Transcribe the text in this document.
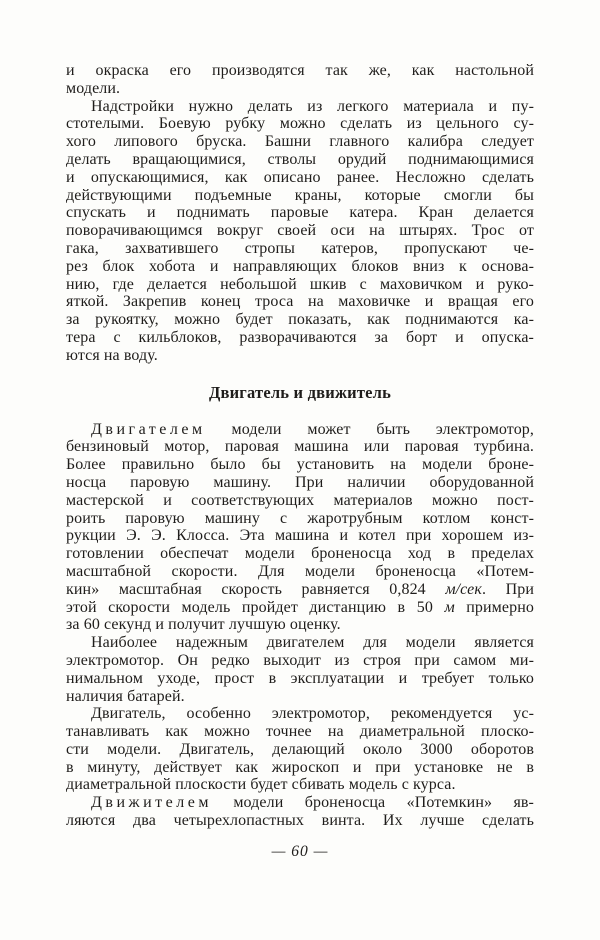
и окраска его производятся так же, как настольной
модели.
Надстройки нужно делать из легкого материала и пу-
стотелыми. Боевую рубку можно сделать из цельного су-
хого липового бруска. Башни главного калибра следует
делать вращающимися, стволы орудий поднимающимися
и опускающимися, как описано ранее. Несложно сделать
действующими подъемные краны, которые смогли бы
спускать и поднимать паровые катера. Кран делается
поворачивающимся вокруг своей оси на штырях. Трос от
гака, захватившего стропы катеров, пропускают че-
рез блок хобота и направляющих блоков вниз к основа-
нию, где делается небольшой шкив с маховичком и руко-
яткой. Закрепив конец троса на маховичке и вращая его
за рукоятку, можно будет показать, как поднимаются ка-
тера с кильблоков, разворачиваются за борт и опуска-
ются на воду.
Двигатель и движитель
Двигателем модели может быть электромотор,
бензиновый мотор, паровая машина или паровая турбина.
Более правильно было бы установить на модели броне-
носца паровую машину. При наличии оборудованной
мастерской и соответствующих материалов можно пост-
роить паровую машину с жаротрубным котлом конст-
рукции Э. Э. Клосса. Эта машина и котел при хорошем из-
готовлении обеспечат модели броненосца ход в пределах
масштабной скорости. Для модели броненосца «Потем-
кин» масштабная скорость равняется 0,824 м/сек. При
этой скорости модель пройдет дистанцию в 50 м примерно
за 60 секунд и получит лучшую оценку.
Наиболее надежным двигателем для модели является
электромотор. Он редко выходит из строя при самом ми-
нимальном уходе, прост в эксплуатации и требует только
наличия батарей.
Двигатель, особенно электромотор, рекомендуется ус-
танавливать как можно точнее на диаметральной плоско-
сти модели. Двигатель, делающий около 3000 оборотов
в минуту, действует как жироскоп и при установке не в
диаметральной плоскости будет сбивать модель с курса.
Движителем модели броненосца «Потемкин» яв-
ляются два четырехлопастных винта. Их лучше сделать
— 60 —
